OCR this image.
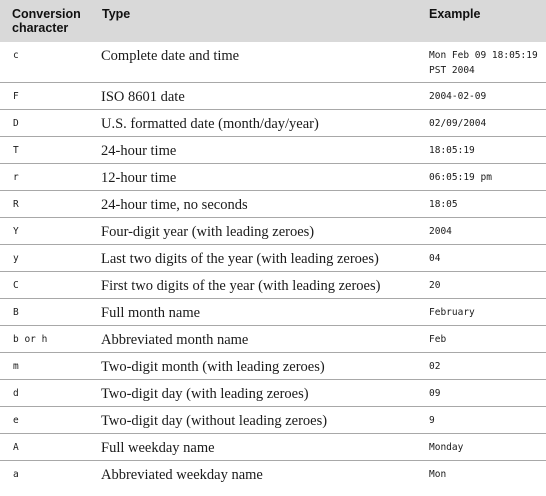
Conversion
character	Type	Example
c	Complete date and time	Mon Feb 09 18:05:19
PST 2004

F	ISO 8601 date	2004-02-09

D	U.S. formatted date (month/day/year)	02/09/2004

T	24-hour time	18:05:19

r	12-hour time	06:05:19 pm

R	24-hour time, no seconds	18:05

Y	Four-digit year (with leading zeroes)	2004

y	Last two digits of the year (with leading zeroes)	04

C	First two digits of the year (with leading zeroes)	20

B	Full month name	February

b or h	Abbreviated month name	Feb

m	Two-digit month (with leading zeroes)	02

d	Two-digit day (with leading zeroes)	09

e	Two-digit day (without leading zeroes)	9

A	Full weekday name	Monday

a	Abbreviated weekday name	Mon
